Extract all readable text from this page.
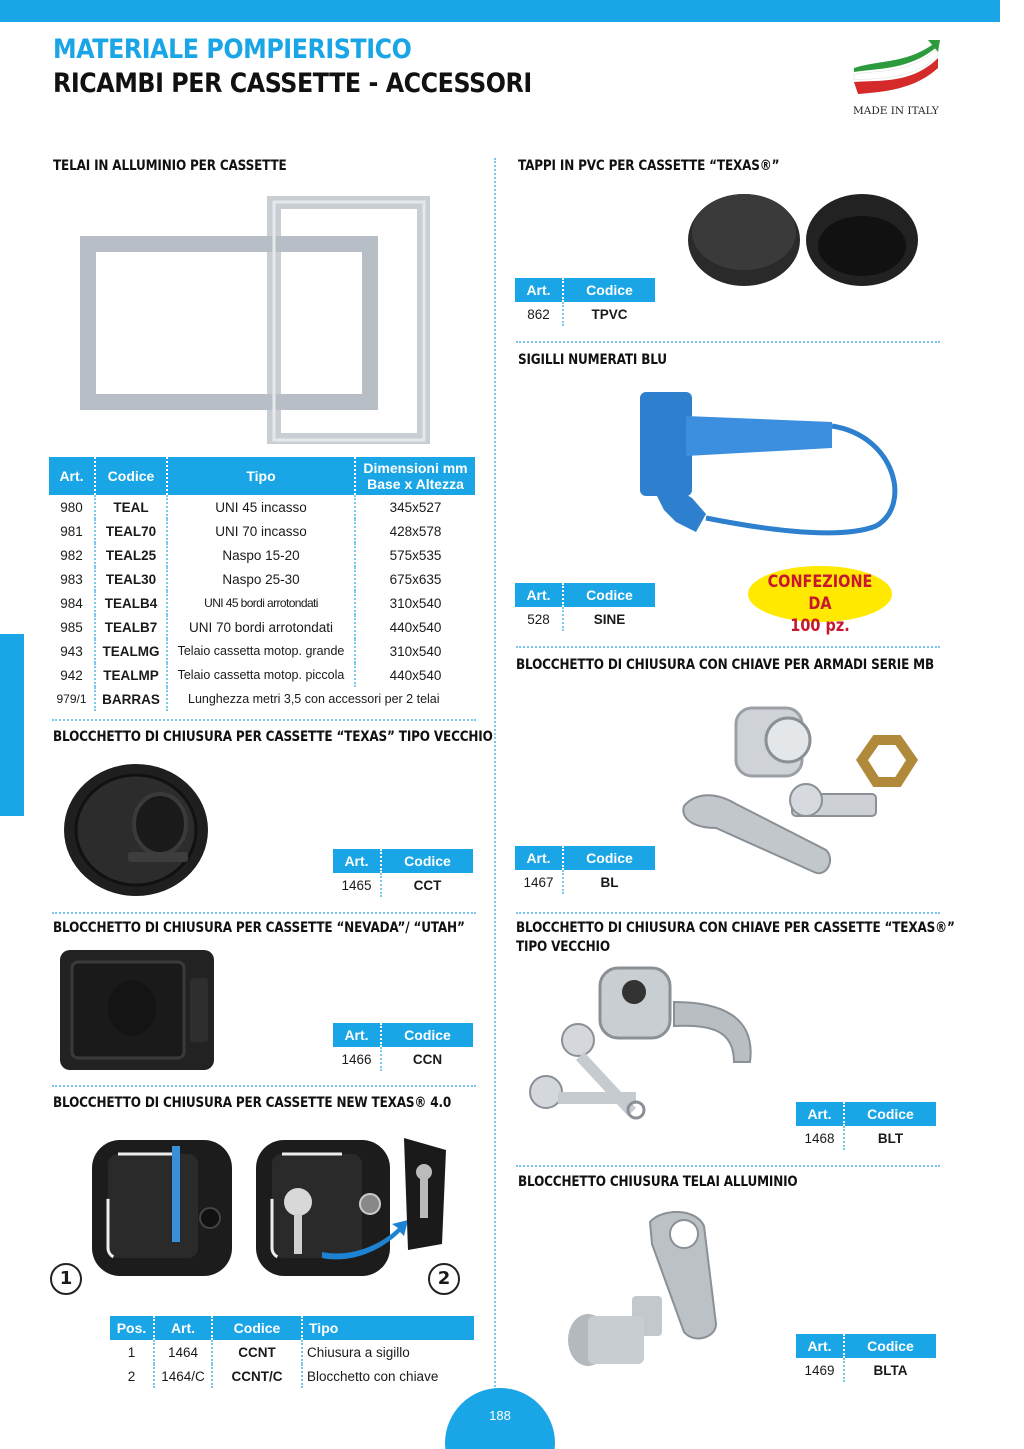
MATERIALE POMPIERISTICO
RICAMBI PER CASSETTE - ACCESSORI
MADE IN ITALY
TELAI IN ALLUMINIO PER CASSETTE
Art.	Codice	Tipo	Dimensioni mm
Base x Altezza
980	TEAL	UNI 45 incasso	345x527
981	TEAL70	UNI 70 incasso	428x578
982	TEAL25	Naspo 15-20	575x535
983	TEAL30	Naspo 25-30	675x635
984	TEALB4	UNI 45 bordi arrotondati	310x540
985	TEALB7	UNI 70 bordi arrotondati	440x540
943	TEALMG	Telaio cassetta motop. grande	310x540
942	TEALMP	Telaio cassetta motop. piccola	440x540
979/1	BARRAS	Lunghezza metri 3,5 con accessori per 2 telai	
BLOCCHETTO DI CHIUSURA PER CASSETTE “TEXAS” TIPO VECCHIO
Art.	Codice
1465	CCT
BLOCCHETTO DI CHIUSURA PER CASSETTE “NEVADA”/ “UTAH”
Art.	Codice
1466	CCN
BLOCCHETTO DI CHIUSURA PER CASSETTE NEW TEXAS® 4.0
1	2
Pos.	Art.	Codice	Tipo
1	1464	CCNT	Chiusura a sigillo
2	1464/C	CCNT/C	Blocchetto con chiave
TAPPI IN PVC PER CASSETTE “TEXAS®”
Art.	Codice
862	TPVC
SIGILLI NUMERATI BLU
CONFEZIONE DA
100 pz.
Art.	Codice
528	SINE
BLOCCHETTO DI CHIUSURA CON CHIAVE PER ARMADI SERIE MB
Art.	Codice
1467	BL
BLOCCHETTO DI CHIUSURA CON CHIAVE PER CASSETTE “TEXAS®”
TIPO VECCHIO
Art.	Codice
1468	BLT
BLOCCHETTO CHIUSURA TELAI ALLUMINIO
Art.	Codice
1469	BLTA
188
